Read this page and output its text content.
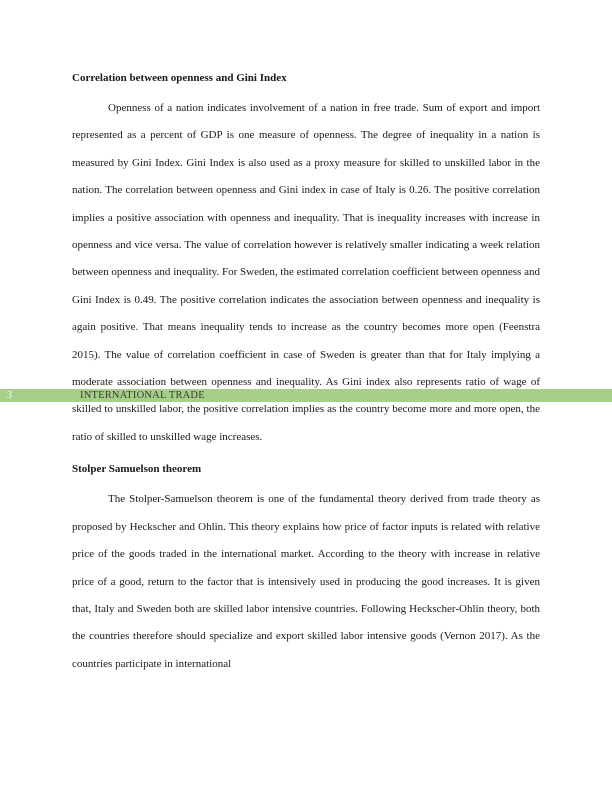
Correlation between openness and Gini Index

Openness of a nation indicates involvement of a nation in free trade. Sum of export and import represented as a percent of GDP is one measure of openness. The degree of inequality in a nation is measured by Gini Index. Gini Index is also used as a proxy measure for skilled to unskilled labor in the nation. The correlation between openness and Gini index in case of Italy is 0.26. The positive correlation implies a positive association with openness and inequality. That is inequality increases with increase in openness and vice versa. The value of correlation however is relatively smaller indicating a week relation between openness and inequality. For Sweden, the estimated correlation coefficient between openness and Gini Index is 0.49. The positive correlation indicates the association between openness and inequality is again positive. That means inequality tends to increase as the country becomes more open (Feenstra 2015). The value of correlation coefficient in case of Sweden is greater than that for Italy implying a moderate association between openness and inequality. As Gini index also represents ratio of wage of skilled to unskilled labor, the positive correlation implies as the country become more and more open, the ratio of skilled to unskilled wage increases.

Stolper Samuelson theorem

The Stolper-Samuelson theorem is one of the fundamental theory derived from trade theory as proposed by Heckscher and Ohlin. This theory explains how price of factor inputs is related with relative price of the goods traded in the international market. According to the theory with increase in relative price of a good, return to the factor that is intensively used in producing the good increases. It is given that, Italy and Sweden both are skilled labor intensive countries. Following Heckscher-Ohlin theory, both the countries therefore should specialize and export skilled labor intensive goods (Vernon 2017). As the countries participate in international

3	INTERNATIONAL TRADE
